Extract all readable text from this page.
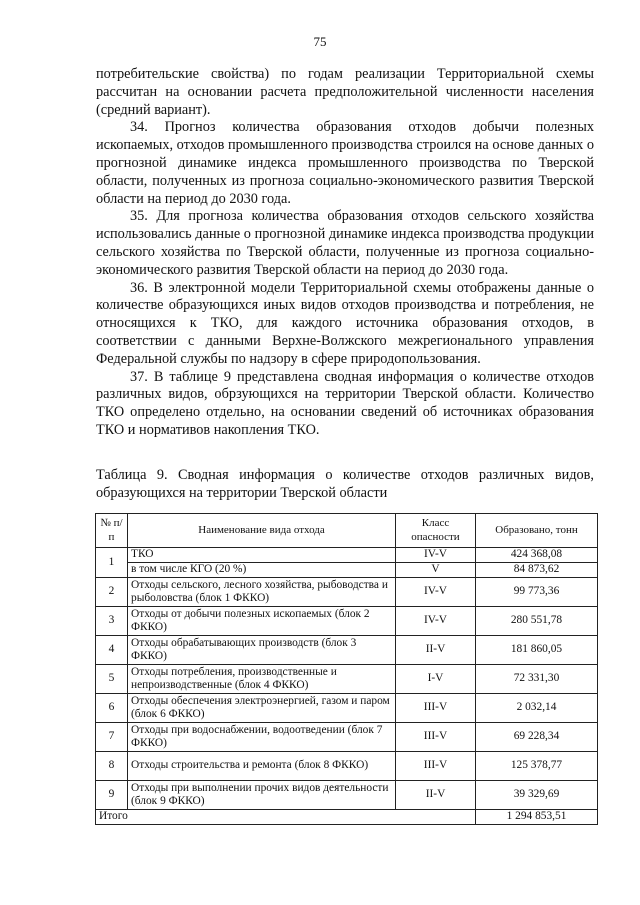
75

потребительские свойства) по годам реализации Территориальной схемы рассчитан на основании расчета предположительной численности населения (средний вариант).

34. Прогноз количества образования отходов добычи полезных ископаемых, отходов промышленного производства строился на основе данных о прогнозной динамике индекса промышленного производства по Тверской области, полученных из прогноза социально-экономического развития Тверской области на период до 2030 года.

35. Для прогноза количества образования отходов сельского хозяйства использовались данные о прогнозной динамике индекса производства продукции сельского хозяйства по Тверской области, полученные из прогноза социально-экономического развития Тверской области на период до 2030 года.

36. В электронной модели Территориальной схемы отображены данные о количестве образующихся иных видов отходов производства и потребления, не относящихся к ТКО, для каждого источника образования отходов, в соответствии с данными Верхне-Волжского межрегионального управления Федеральной службы по надзору в сфере природопользования.

37. В таблице 9 представлена сводная информация о количестве отходов различных видов, обрзующихся на территории Тверской области. Количество ТКО определено отдельно, на основании сведений об источниках образования ТКО и нормативов накопления ТКО.

Таблица 9. Сводная информация о количестве отходов различных видов, образующихся на территории Тверской области
№ п/п	Наименование вида отхода	Класс опасности	Образовано, тонн
1	ТКО	IV-V	424 368,08
	в том числе КГО (20 %)	V	84 873,62
2	Отходы сельского, лесного хозяйства, рыбоводства и рыболовства (блок 1 ФККО)	IV-V	99 773,36
3	Отходы от добычи полезных ископаемых (блок 2 ФККО)	IV-V	280 551,78
4	Отходы обрабатывающих производств (блок 3 ФККО)	II-V	181 860,05
5	Отходы потребления, производственные и непроизводственные (блок 4 ФККО)	I-V	72 331,30
6	Отходы обеспечения электроэнергией, газом и паром (блок 6 ФККО)	III-V	2 032,14
7	Отходы при водоснабжении, водоотведении (блок 7 ФККО)	III-V	69 228,34
8	Отходы строительства и ремонта (блок 8 ФККО)	III-V	125 378,77
9	Отходы при выполнении прочих видов деятельности (блок 9 ФККО)	II-V	39 329,69
Итого			1 294 853,51
